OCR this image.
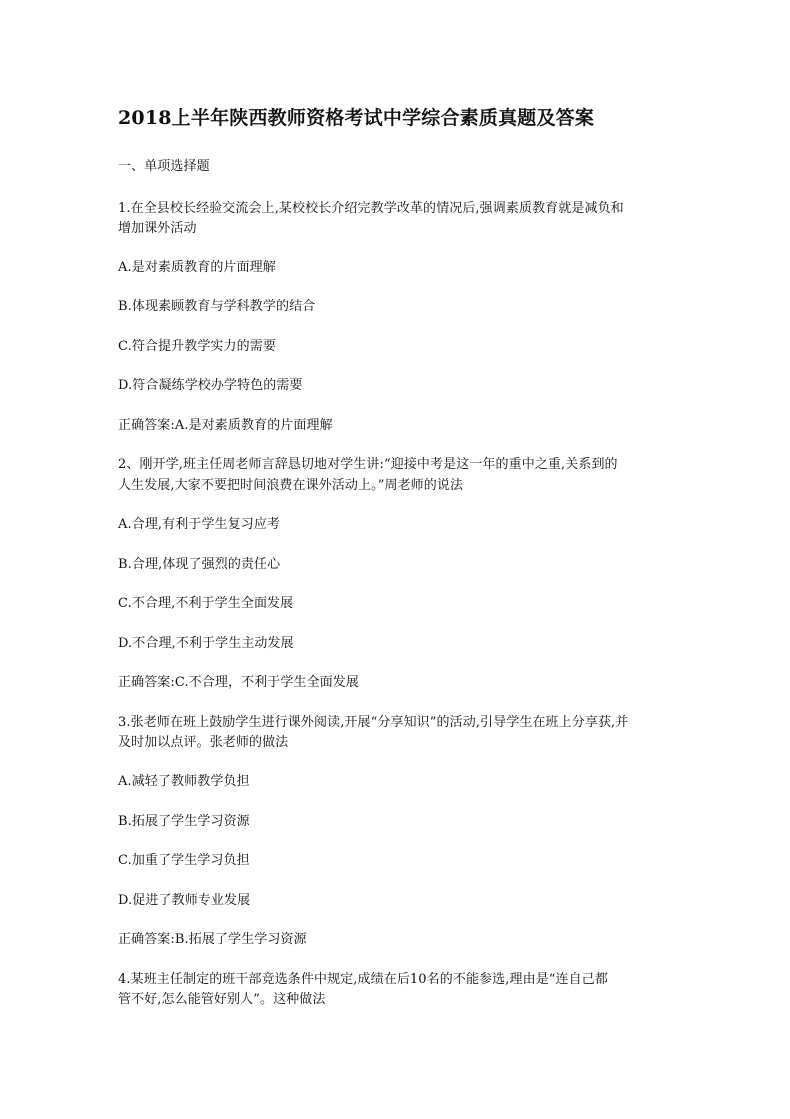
2018上半年陕西教师资格考试中学综合素质真题及答案
一、单项选择题
1.在全县校长经验交流会上,某校校长介绍完教学改革的情况后,强调素质教育就是减负和
增加课外活动
A.是对素质教育的片面理解
B.体现素顾教育与学科教学的结合
C.符合提升教学实力的需要
D.符合凝练学校办学特色的需要
正确答案:A.是对素质教育的片面理解
2、刚开学,班主任周老师言辞恳切地对学生讲:“迎接中考是这一年的重中之重,关系到的
人生发展,大家不要把时间浪费在课外活动上。”周老师的说法
A.合理,有利于学生复习应考
B.合理,体现了强烈的责任心
C.不合理,不利于学生全面发展
D.不合理,不利于学生主动发展
正确答案:C.不合理，不利于学生全面发展
3.张老师在班上鼓励学生进行课外阅读,开展“分享知识”的活动,引导学生在班上分享获,并
及时加以点评。张老师的做法
A.减轻了教师教学负担
B.拓展了学生学习资源
C.加重了学生学习负担
D.促进了教师专业发展
正确答案:B.拓展了学生学习资源
4.某班主任制定的班干部竞选条件中规定,成绩在后10名的不能参选,理由是“连自己都
管不好,怎么能管好别人”。这种做法
